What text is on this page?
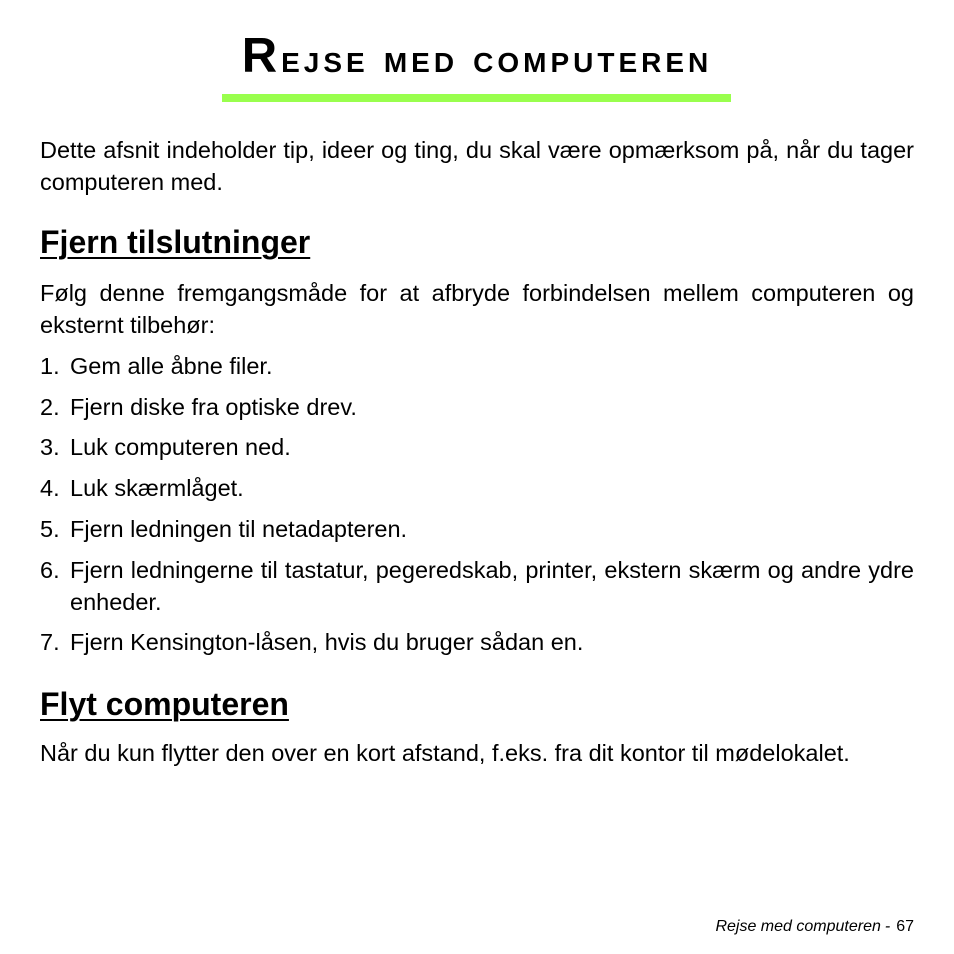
Rejse med computeren

Dette afsnit indeholder tip, ideer og ting, du skal være opmærksom på, når du tager computeren med.

Fjern tilslutninger

Følg denne fremgangsmåde for at afbryde forbindelsen mellem computeren og eksternt tilbehør:

1. Gem alle åbne filer.
2. Fjern diske fra optiske drev.
3. Luk computeren ned.
4. Luk skærmlåget.
5. Fjern ledningen til netadapteren.
6. Fjern ledningerne til tastatur, pegeredskab, printer, ekstern skærm og andre ydre enheder.
7. Fjern Kensington-låsen, hvis du bruger sådan en.
Flyt computeren

Når du kun flytter den over en kort afstand, f.eks. fra dit kontor til mødelokalet.

Rejse med computeren - 67
